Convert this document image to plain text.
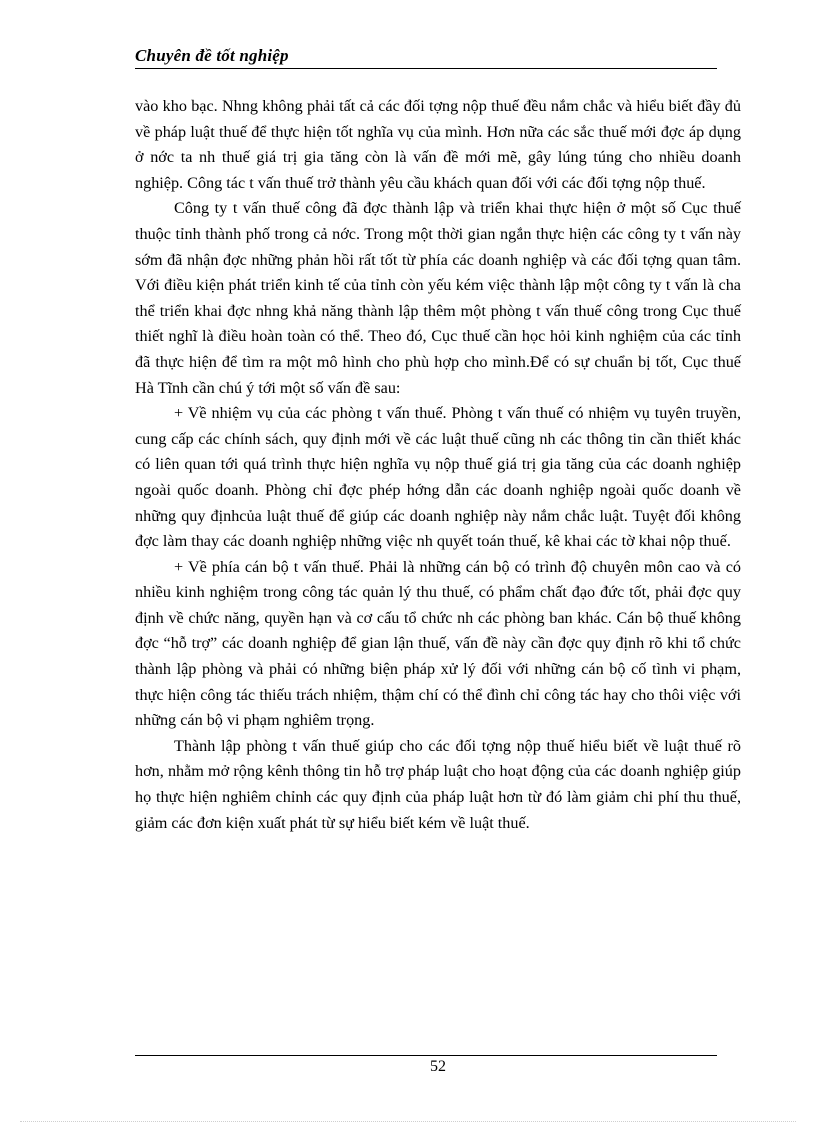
Chuyên đề tốt nghiệp

vào kho bạc. Nhng không phải tất cả các đối tợng nộp thuế đều nắm chắc và hiểu biết đầy đủ về pháp luật thuế để thực hiện tốt nghĩa vụ của mình. Hơn nữa các sắc thuế mới đợc áp dụng ở nớc ta nh thuế giá trị gia tăng còn là vấn đề mới mẽ, gây lúng túng cho nhiều doanh nghiệp. Công tác t vấn thuế trở thành yêu cầu khách quan đối với các đối tợng nộp thuế.

Công ty t vấn thuế công đã đợc thành lập và triển khai thực hiện ở một số Cục thuế thuộc tỉnh thành phố trong cả nớc. Trong một thời gian ngắn thực hiện các công ty t vấn này sớm đã nhận đợc những phản hồi rất tốt từ phía các doanh nghiệp và các đối tợng quan tâm. Với điều kiện phát triển kinh tế của tỉnh còn yếu kém việc thành lập một công ty t vấn là cha thể triển khai đợc nhng khả năng thành lập thêm một phòng t vấn thuế công trong Cục thuế thiết nghĩ là điều hoàn toàn có thể. Theo đó, Cục thuế cần học hỏi kinh nghiệm của các tỉnh đã thực hiện để tìm ra một mô hình cho phù hợp cho mình.Để có sự chuẩn bị tốt, Cục thuế Hà Tĩnh cần chú ý tới một số vấn đề sau:

+ Về nhiệm vụ của các phòng t vấn thuế. Phòng t vấn thuế có nhiệm vụ tuyên truyền, cung cấp các chính sách, quy định mới về các luật thuế cũng nh các thông tin cần thiết khác có liên quan tới quá trình thực hiện nghĩa vụ nộp thuế giá trị gia tăng của các doanh nghiệp ngoài quốc doanh. Phòng chỉ đợc phép hớng dẫn các doanh nghiệp ngoài quốc doanh về những quy địnhcủa luật thuế để giúp các doanh nghiệp này nắm chắc luật. Tuyệt đối không đợc làm thay các doanh nghiệp những việc nh quyết toán thuế, kê khai các tờ khai nộp thuế.

+ Về phía cán bộ t vấn thuế. Phải là những cán bộ có trình độ chuyên môn cao và có nhiều kinh nghiệm trong công tác quản lý thu thuế, có phẩm chất đạo đức tốt, phải đợc quy định về chức năng, quyền hạn và cơ cấu tổ chức nh các phòng ban khác. Cán bộ thuế không đợc “hỗ trợ” các doanh nghiệp để gian lận thuế, vấn đề này cần đợc quy định rõ khi tổ chức thành lập phòng và phải có những biện pháp xử lý đối với những cán bộ cố tình vi phạm, thực hiện công tác thiếu trách nhiệm, thậm chí có thể đình chỉ công tác hay cho thôi việc với những cán bộ vi phạm nghiêm trọng.

Thành lập phòng t vấn thuế giúp cho các đối tợng nộp thuế hiểu biết về luật thuế rõ hơn, nhằm mở rộng kênh thông tin hỗ trợ pháp luật cho hoạt động của các doanh nghiệp giúp họ thực hiện nghiêm chỉnh các quy định của pháp luật hơn từ đó làm giảm chi phí thu thuế, giảm các đơn kiện xuất phát từ sự hiểu biết kém về luật thuế.

52
